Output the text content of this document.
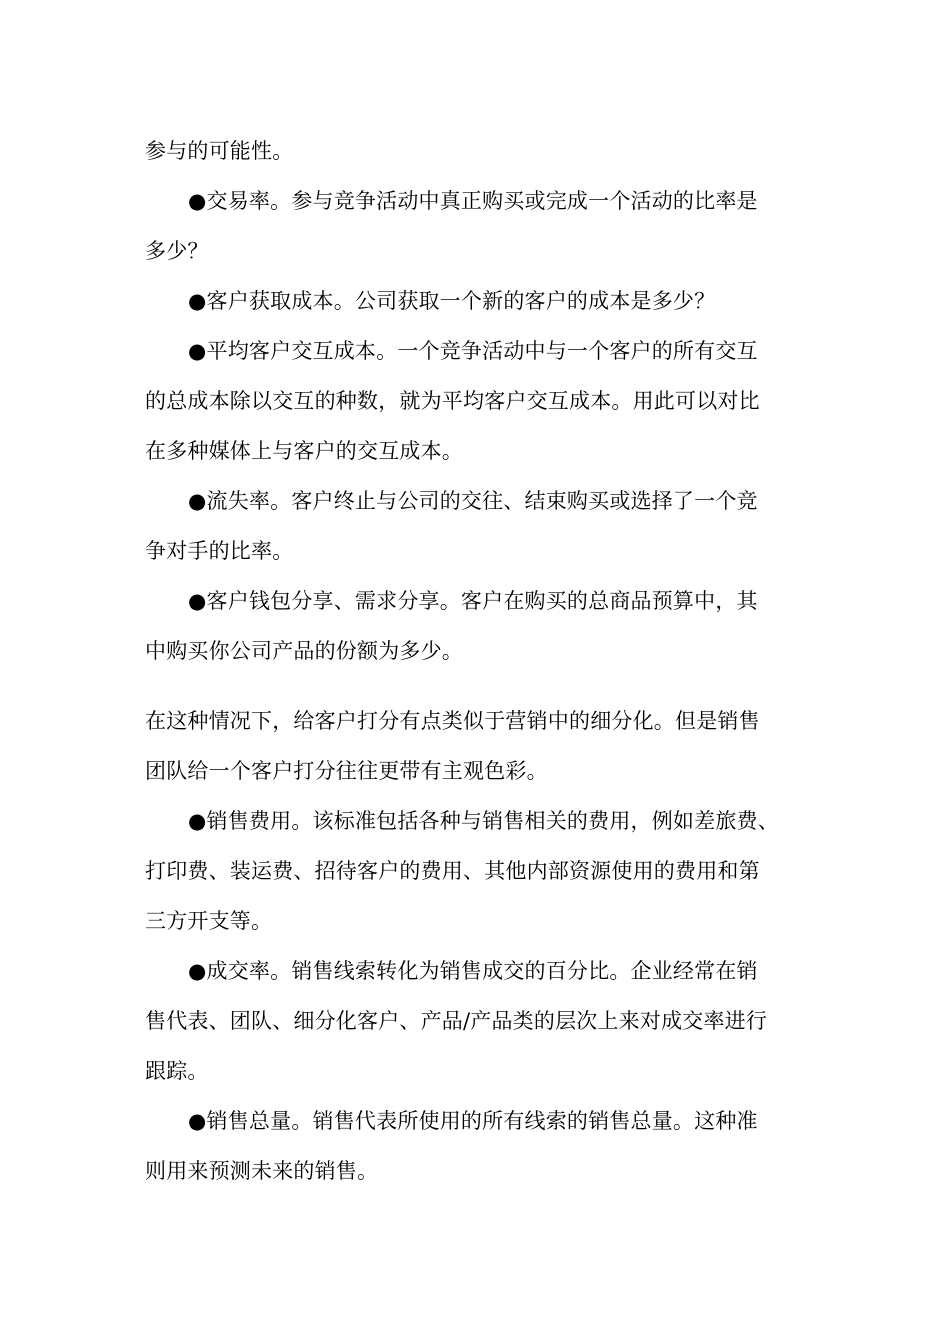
参与的可能性。
●交易率。参与竞争活动中真正购买或完成一个活动的比率是
多少？
●客户获取成本。公司获取一个新的客户的成本是多少？
●平均客户交互成本。一个竞争活动中与一个客户的所有交互
的总成本除以交互的种数，就为平均客户交互成本。用此可以对比
在多种媒体上与客户的交互成本。
●流失率。客户终止与公司的交往、结束购买或选择了一个竞
争对手的比率。
●客户钱包分享、需求分享。客户在购买的总商品预算中，其
中购买你公司产品的份额为多少。
在这种情况下，给客户打分有点类似于营销中的细分化。但是销售
团队给一个客户打分往往更带有主观色彩。
●销售费用。该标准包括各种与销售相关的费用，例如差旅费、
打印费、装运费、招待客户的费用、其他内部资源使用的费用和第
三方开支等。
●成交率。销售线索转化为销售成交的百分比。企业经常在销
售代表、团队、细分化客户、产品/产品类的层次上来对成交率进行
跟踪。
●销售总量。销售代表所使用的所有线索的销售总量。这种准
则用来预测未来的销售。
